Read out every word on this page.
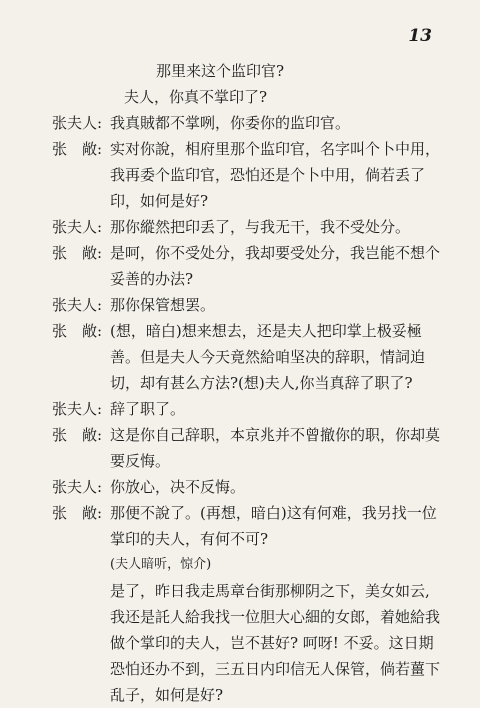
13
那里来这个监印官?
夫人，你真不掌印了?
张夫人: 我真賊都不掌咧，你委你的监印官。
张　敞: 实对你說，相府里那个监印官，名字叫个卜中用，
我再委个监印官，恐怕还是个卜中用，倘若丢了
印，如何是好?
张夫人: 那你縱然把印丢了，与我无干，我不受处分。
张　敞: 是呵，你不受处分，我却要受处分，我岂能不想个
妥善的办法?
张夫人: 那你保管想罢。
张　敞: (想，暗白)想来想去，还是夫人把印掌上极妥極
善。但是夫人今天竟然給咱坚决的辞职，情詞迫
切，却有甚么方法?(想)夫人,你当真辞了职了?
张夫人: 辞了职了。
张　敞: 这是你自己辞职，本京兆并不曾撤你的职，你却莫
要反悔。
张夫人: 你放心，决不反悔。
张　敞: 那便不說了。(再想，暗白)这有何难，我另找一位
掌印的夫人，有何不可?
(夫人暗听，惊介)
是了，昨日我走馬章台街那柳阴之下，美女如云,
我还是託人給我找一位胆大心細的女郎，着她給我
做个掌印的夫人，岂不甚好? 呵呀! 不妥。这日期
恐怕还办不到，三五日内印信无人保管，倘若薑下
乱子，如何是好?
